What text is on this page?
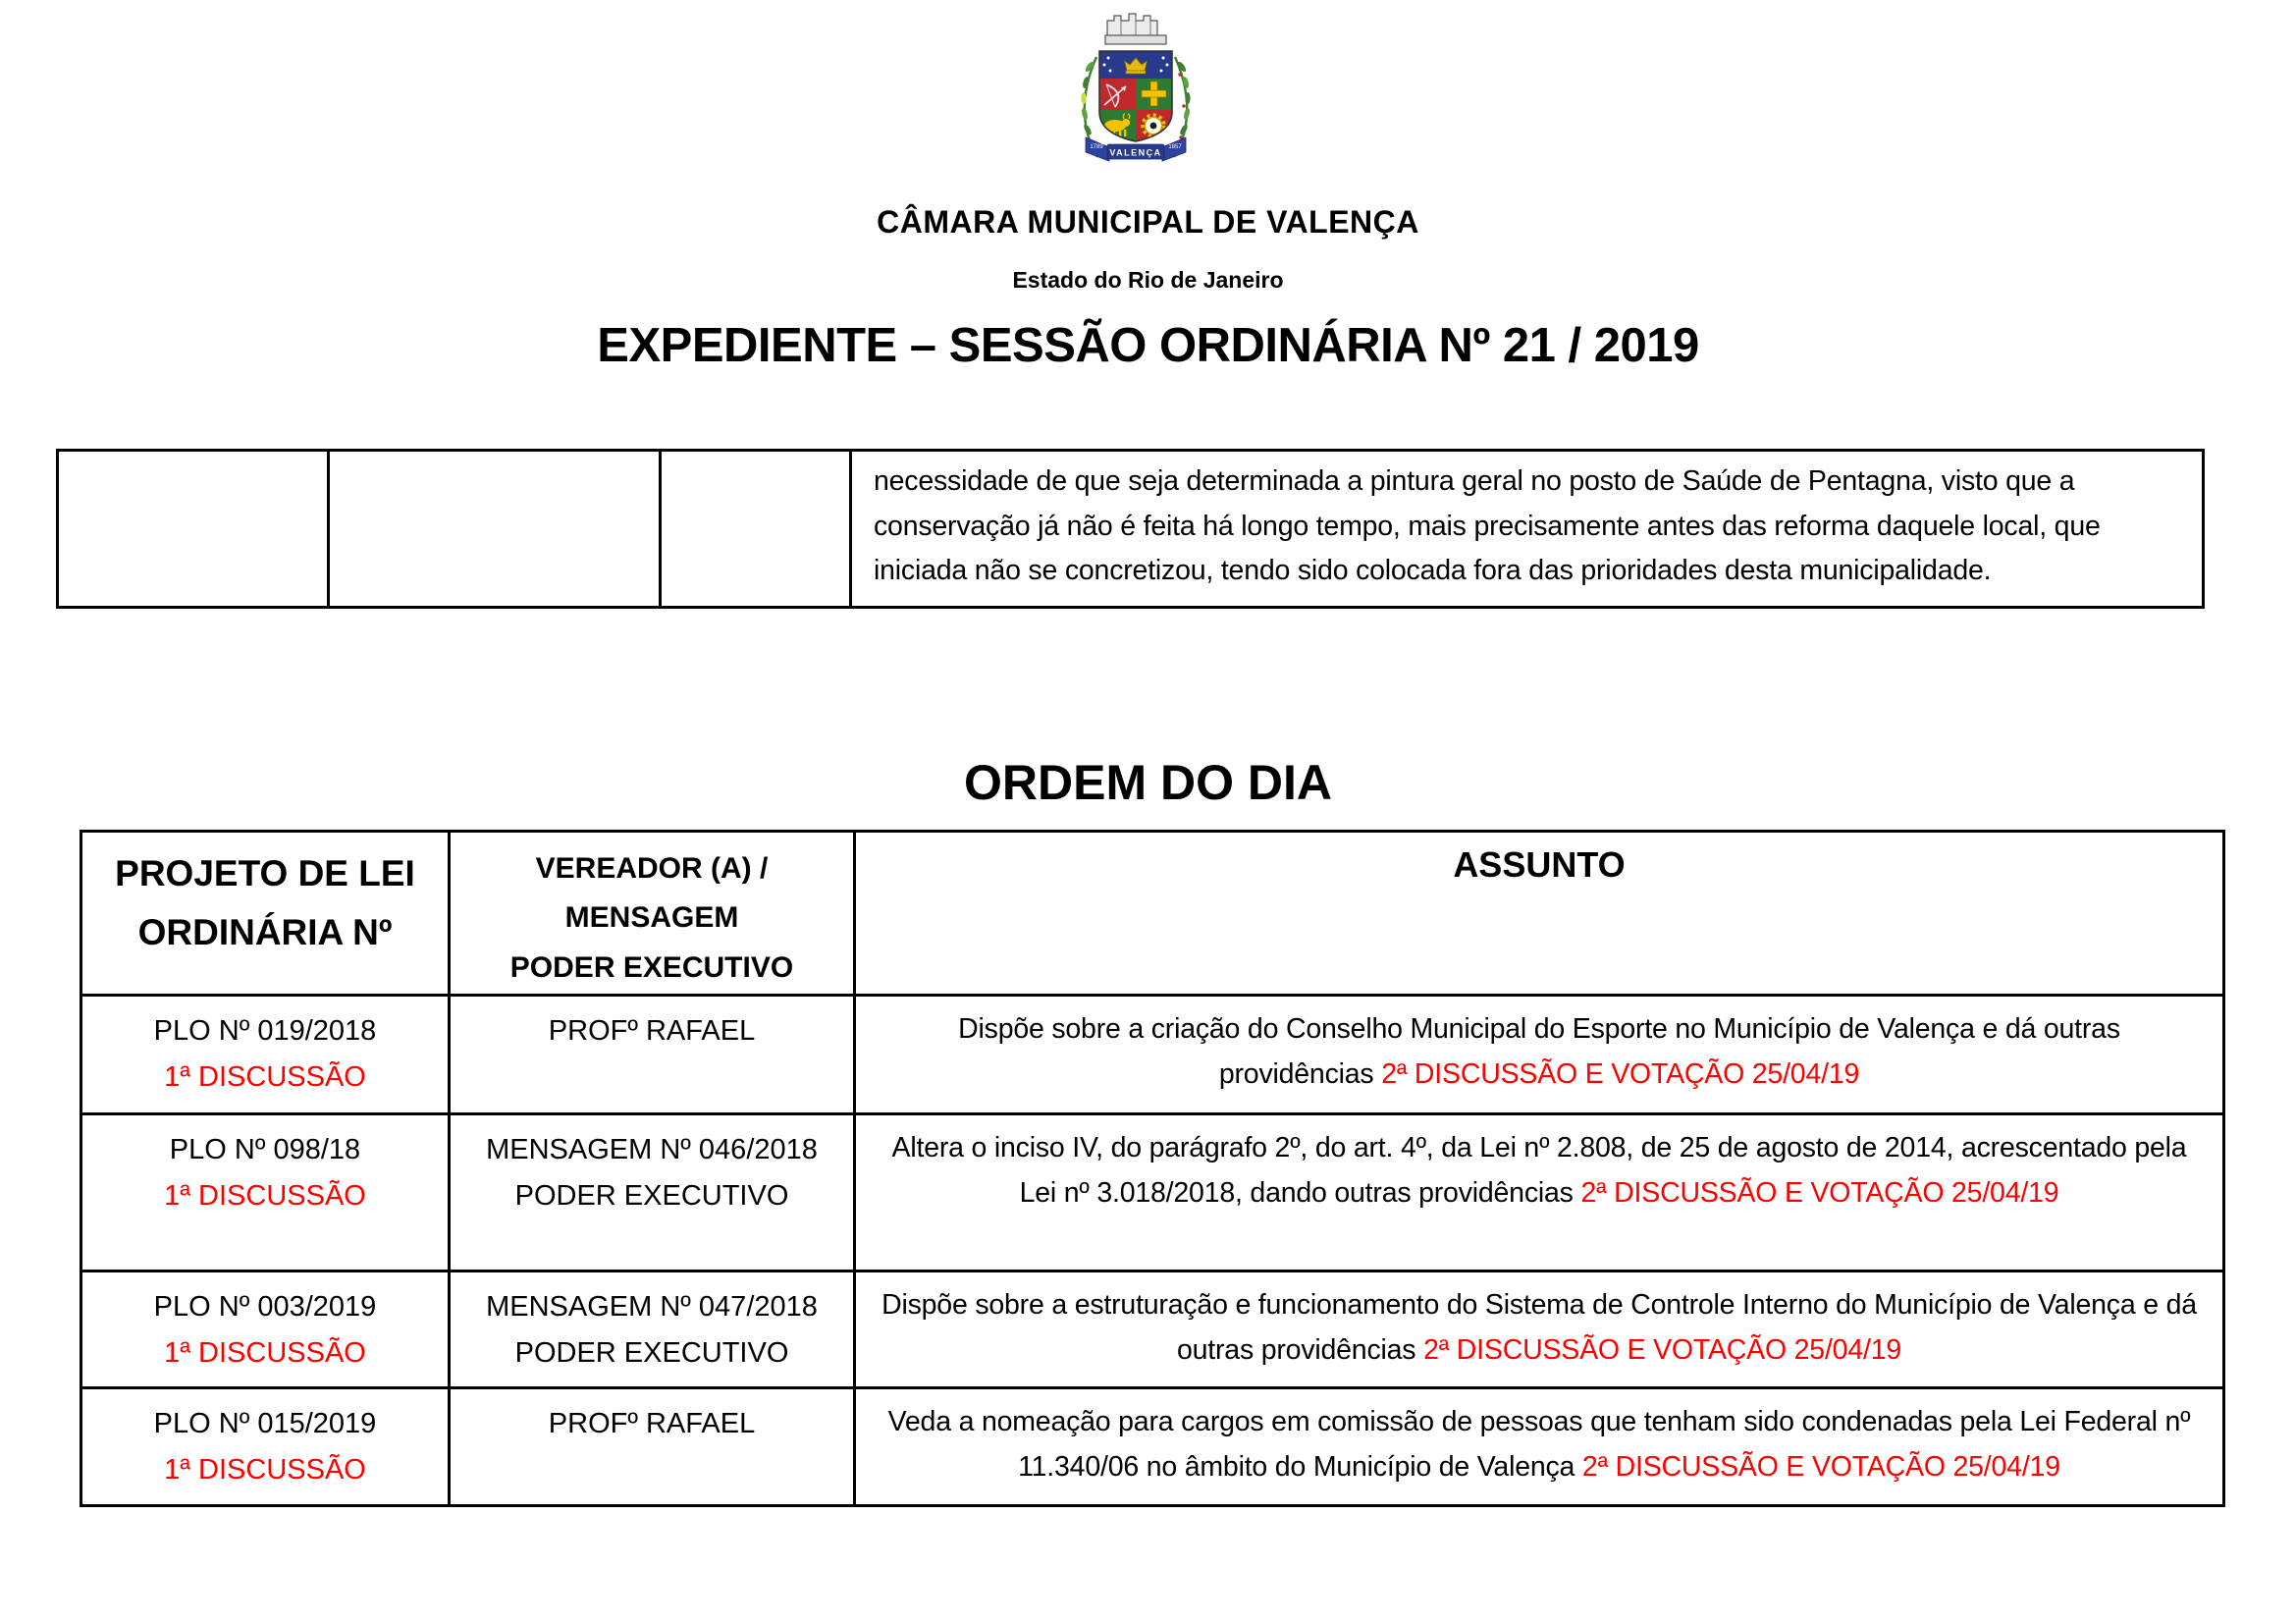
VALENÇA
1789	1857
CÂMARA MUNICIPAL DE VALENÇA
Estado do Rio de Janeiro
EXPEDIENTE – SESSÃO ORDINÁRIA Nº 21 / 2019
			necessidade de que seja determinada a pintura geral no posto de Saúde de Pentagna, visto que a conservação já não é feita há longo tempo, mais precisamente antes das reforma daquele local, que iniciada não se concretizou, tendo sido colocada fora das prioridades desta municipalidade.
ORDEM DO DIA
PROJETO DE LEI
ORDINÁRIA Nº	VEREADOR (A) /
MENSAGEM
PODER EXECUTIVO	ASSUNTO

PLO Nº 019/2018
1ª DISCUSSÃO	PROFº RAFAEL	Dispõe sobre a criação do Conselho Municipal do Esporte no Município de Valença e dá outras providências 2ª DISCUSSÃO E VOTAÇÃO 25/04/19

PLO Nº 098/18
1ª DISCUSSÃO	MENSAGEM Nº 046/2018
PODER EXECUTIVO	Altera o inciso IV, do parágrafo 2º, do art. 4º, da Lei nº 2.808, de 25 de agosto de 2014, acrescentado pela Lei nº 3.018/2018, dando outras providências 2ª DISCUSSÃO E VOTAÇÃO 25/04/19

PLO Nº 003/2019
1ª DISCUSSÃO	MENSAGEM Nº 047/2018
PODER EXECUTIVO	Dispõe sobre a estruturação e funcionamento do Sistema de Controle Interno do Município de Valença e dá outras providências 2ª DISCUSSÃO E VOTAÇÃO 25/04/19

PLO Nº 015/2019
1ª DISCUSSÃO	PROFº RAFAEL	Veda a nomeação para cargos em comissão de pessoas que tenham sido condenadas pela Lei Federal nº 11.340/06 no âmbito do Município de Valença 2ª DISCUSSÃO E VOTAÇÃO 25/04/19
